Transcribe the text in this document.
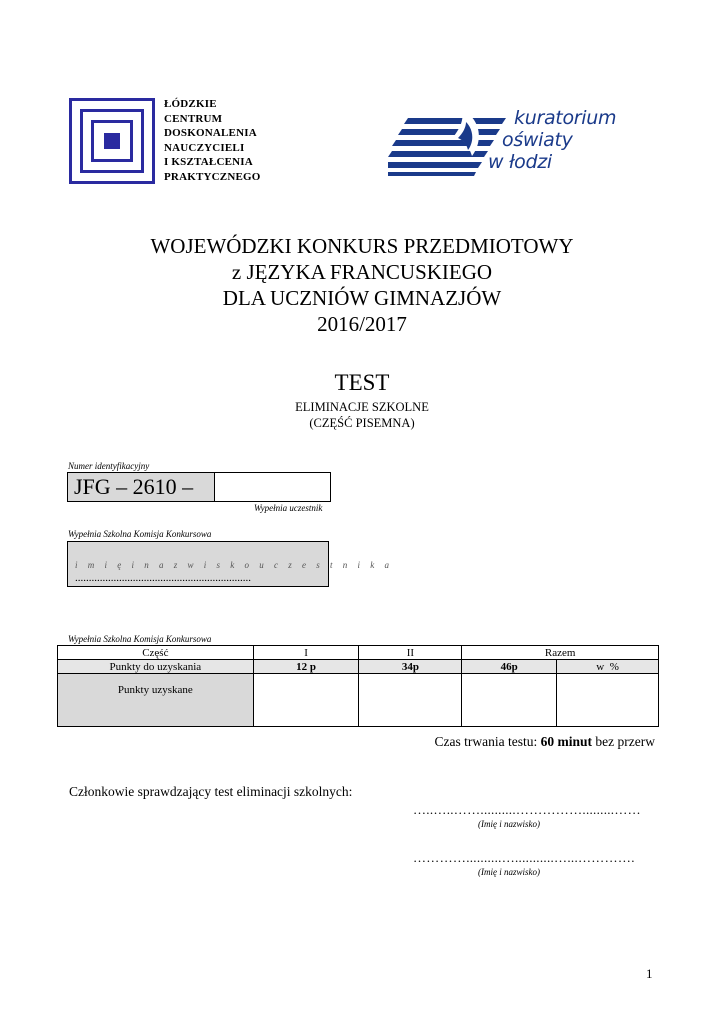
ŁÓDZKIE
CENTRUM
DOSKONALENIA
NAUCZYCIELI
I KSZTAŁCENIA
PRAKTYCZNEGO
kuratorium
oświaty
w łodzi
WOJEWÓDZKI KONKURS PRZEDMIOTOWY
z JĘZYKA FRANCUSKIEGO
DLA UCZNIÓW GIMNAZJÓW
2016/2017
TEST
ELIMINACJE SZKOLNE
(CZĘŚĆ PISEMNA)
Numer identyfikacyjny
JFG – 2610 –
Wypełnia uczestnik
Wypełnia Szkolna Komisja Konkursowa
i m i ę i n a z w i s k o u c z e s t n i k a
................................................................
Wypełnia Szkolna Komisja Konkursowa
Część	I	II	Razem	
Punkty do uzyskania	12 p	34p	46p	w  %
Punkty uzyskane				
Czas trwania testu: 60 minut bez przerw
Członkowie sprawdzający test eliminacji szkolnych:
…..…..……..........…………….........……
(Imię i nazwisko)
…………..........…...........…...………….
(Imię i nazwisko)
1
